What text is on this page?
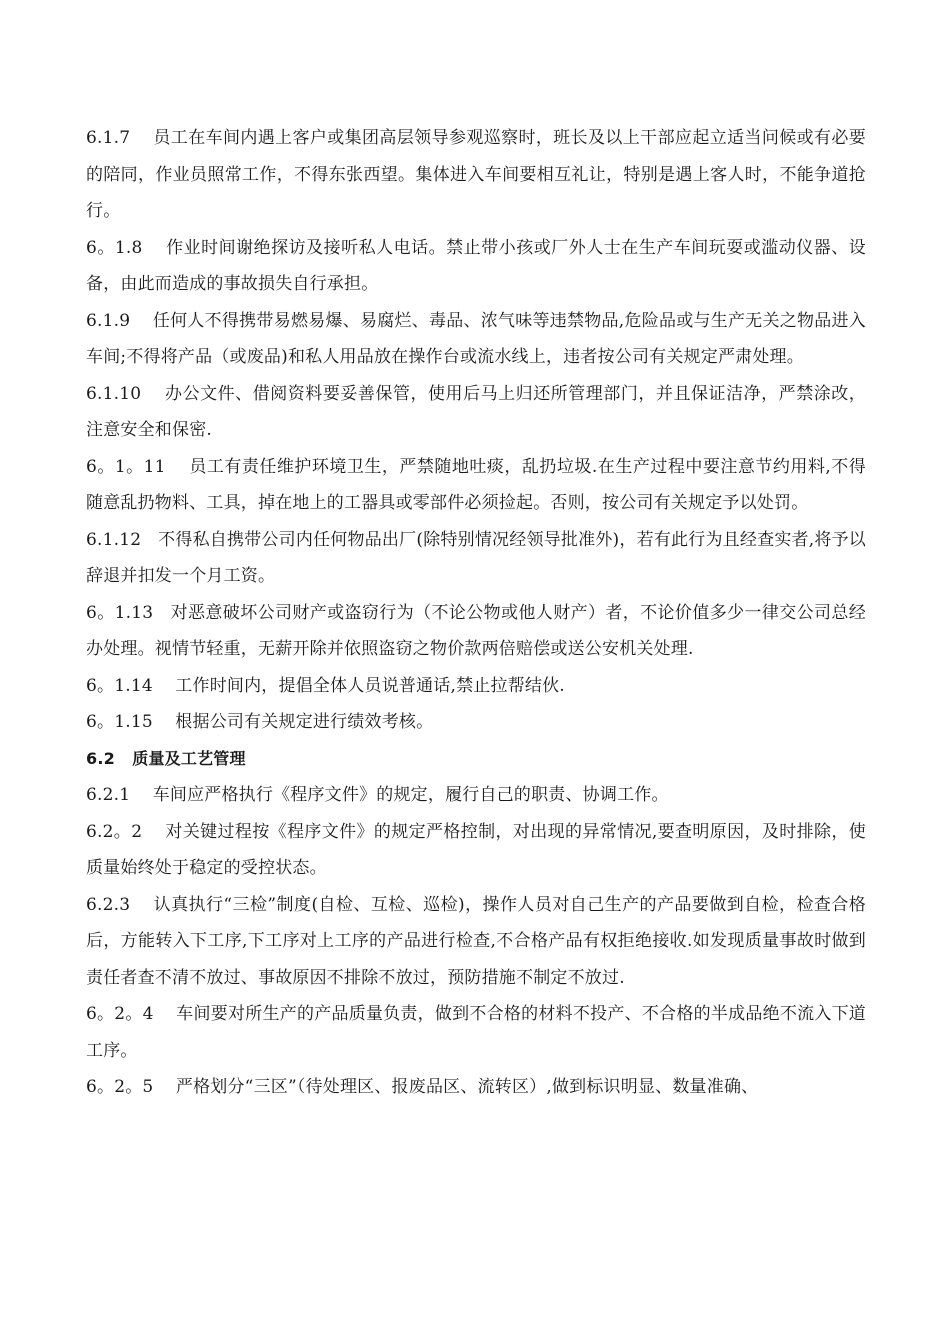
6.1.7 员工在车间内遇上客户或集团高层领导参观巡察时，班长及以上干部应起立适当问候或有必要的陪同，作业员照常工作，不得东张西望。集体进入车间要相互礼让，特别是遇上客人时，不能争道抢行。

6。1.8 作业时间谢绝探访及接听私人电话。禁止带小孩或厂外人士在生产车间玩耍或滥动仪器、设备，由此而造成的事故损失自行承担。

6.1.9 任何人不得携带易燃易爆、易腐烂、毒品、浓气味等违禁物品,危险品或与生产无关之物品进入车间;不得将产品（或废品)和私人用品放在操作台或流水线上，违者按公司有关规定严肃处理。

6.1.10 办公文件、借阅资料要妥善保管，使用后马上归还所管理部门，并且保证洁净，严禁涂改，注意安全和保密.

6。1。11 员工有责任维护环境卫生，严禁随地吐痰，乱扔垃圾.在生产过程中要注意节约用料,不得随意乱扔物料、工具，掉在地上的工器具或零部件必须捡起。否则，按公司有关规定予以处罚。

6.1.12 不得私自携带公司内任何物品出厂(除特别情况经领导批准外)，若有此行为且经查实者,将予以辞退并扣发一个月工资。

6。1.13 对恶意破坏公司财产或盗窃行为（不论公物或他人财产）者，不论价值多少一律交公司总经办处理。视情节轻重，无薪开除并依照盗窃之物价款两倍赔偿或送公安机关处理.

6。1.14 工作时间内，提倡全体人员说普通话,禁止拉帮结伙.

6。1.15 根据公司有关规定进行绩效考核。

6.2 质量及工艺管理

6.2.1 车间应严格执行《程序文件》的规定，履行自己的职责、协调工作。

6.2。2 对关键过程按《程序文件》的规定严格控制，对出现的异常情况,要查明原因，及时排除，使质量始终处于稳定的受控状态。

6.2.3 认真执行“三检”制度(自检、互检、巡检)，操作人员对自己生产的产品要做到自检，检查合格后，方能转入下工序,下工序对上工序的产品进行检查,不合格产品有权拒绝接收.如发现质量事故时做到责任者查不清不放过、事故原因不排除不放过，预防措施不制定不放过.

6。2。4 车间要对所生产的产品质量负责，做到不合格的材料不投产、不合格的半成品绝不流入下道工序。

6。2。5 严格划分“三区”（待处理区、报废品区、流转区）,做到标识明显、数量准确、
